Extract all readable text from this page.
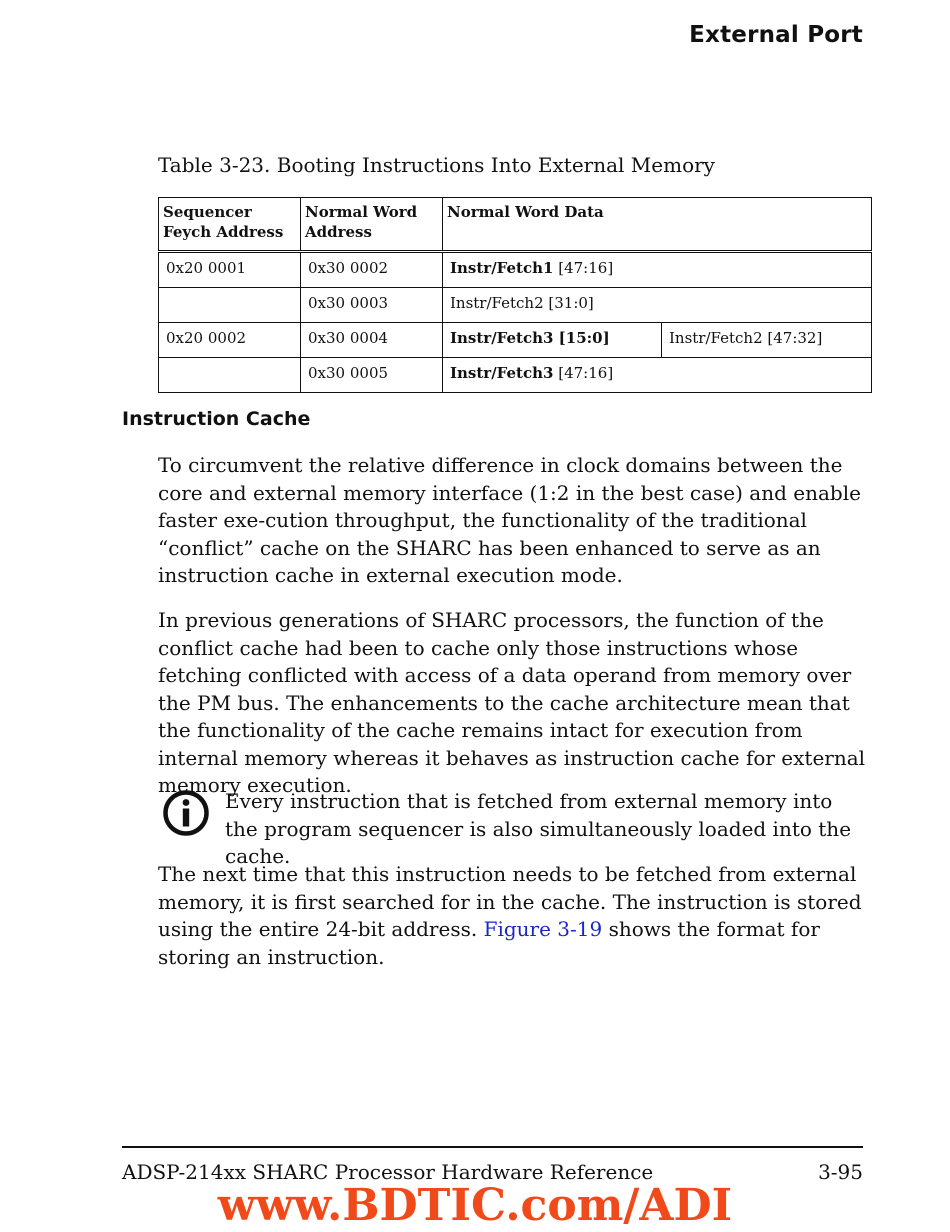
External Port
Table 3-23. Booting Instructions Into External Memory
Sequencer Feych Address	Normal Word Address	Normal Word Data	
0x20 0001	0x30 0002	Instr/Fetch1 [47:16]	
	0x30 0003	Instr/Fetch2 [31:0]	
0x20 0002	0x30 0004	Instr/Fetch3 [15:0]	Instr/Fetch2 [47:32]
	0x30 0005	Instr/Fetch3 [47:16]	
Instruction Cache

To circumvent the relative difference in clock domains between the core and external memory interface (1:2 in the best case) and enable faster exe-cution throughput, the functionality of the traditional “conflict” cache on the SHARC has been enhanced to serve as an instruction cache in external execution mode.

In previous generations of SHARC processors, the function of the conflict cache had been to cache only those instructions whose fetching conflicted with access of a data operand from memory over the PM bus. The enhancements to the cache architecture mean that the functionality of the cache remains intact for execution from internal memory whereas it behaves as instruction cache for external memory execution.

Every instruction that is fetched from external memory into the program sequencer is also simultaneously loaded into the cache.

The next time that this instruction needs to be fetched from external memory, it is first searched for in the cache. The instruction is stored using the entire 24-bit address. Figure 3-19 shows the format for storing an instruction.

ADSP-214xx SHARC Processor Hardware Reference	3-95
www.BDTIC.com/ADI
